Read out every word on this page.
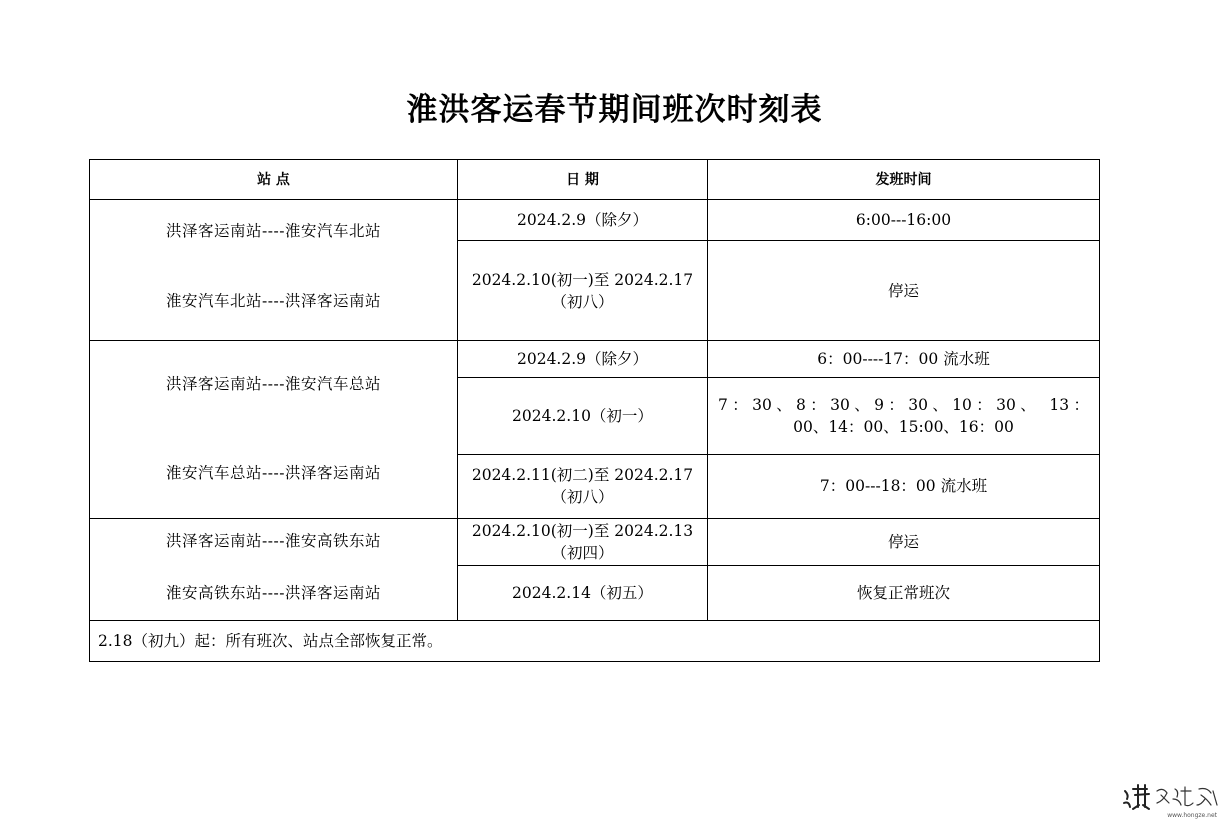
淮洪客运春节期间班次时刻表
站 点	日 期	发班时间

洪泽客运南站----淮安汽车北站
淮安汽车北站----洪泽客运南站	2024.2.9（除夕）	6:00---16:00
	2024.2.10(初一)至 2024.2.17（初八）	停运

洪泽客运南站----淮安汽车总站
淮安汽车总站----洪泽客运南站	2024.2.9（除夕）	6：00----17：00 流水班
	2024.2.10（初一）	7：30、8：30、9：30、10：30、 13：
00、14：00、15:00、16：00

	2024.2.11(初二)至 2024.2.17（初八）	7：00---18：00 流水班

洪泽客运南站----淮安高铁东站
淮安高铁东站----洪泽客运南站	2024.2.10(初一)至 2024.2.13（初四）	停运
	2024.2.14（初五）	恢复正常班次
2.18（初九）起：所有班次、站点全部恢复正常。		
www.hongze.net
